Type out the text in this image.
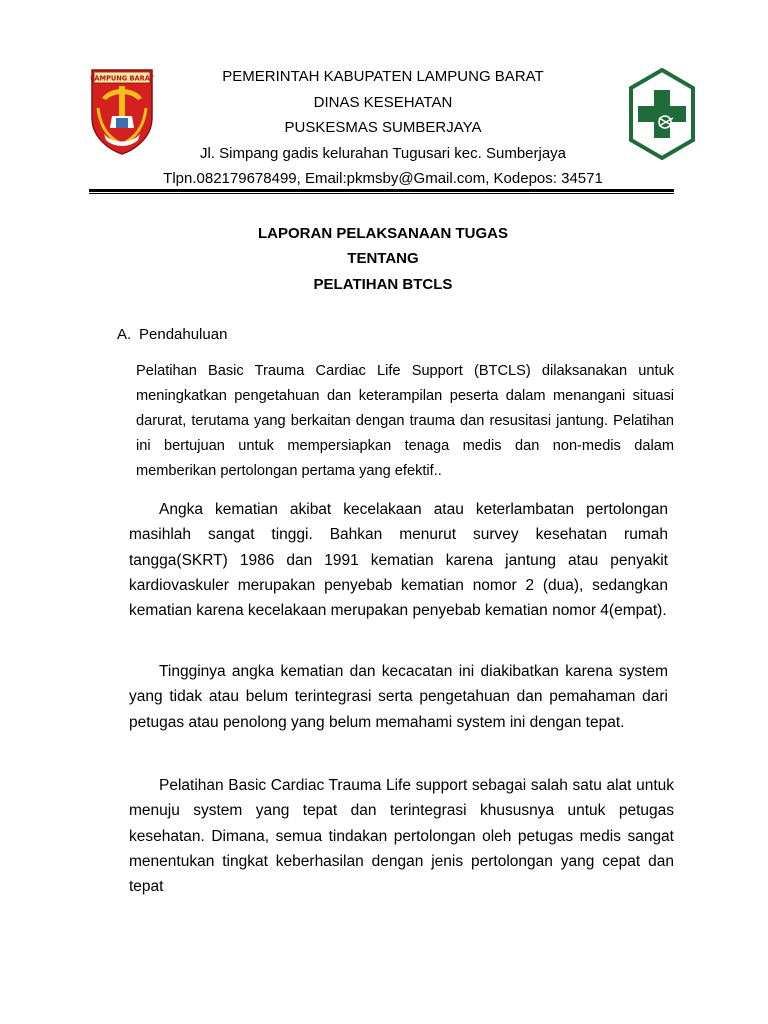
LAMPUNG BARAT	PEMERINTAH KABUPATEN LAMPUNG BARAT
DINAS KESEHATAN
PUSKESMAS SUMBERJAYA
Jl. Simpang gadis kelurahan Tugusari kec. Sumberjaya
Tlpn.082179678499, Email:pkmsby@Gmail.com, Kodepos: 34571
LAPORAN PELAKSANAAN TUGAS
TENTANG
PELATIHAN BTCLS
A. Pendahuluan

Pelatihan Basic Trauma Cardiac Life Support (BTCLS) dilaksanakan untuk meningkatkan pengetahuan dan keterampilan peserta dalam menangani situasi darurat, terutama yang berkaitan dengan trauma dan resusitasi jantung. Pelatihan ini bertujuan untuk mempersiapkan tenaga medis dan non-medis dalam memberikan pertolongan pertama yang efektif..

Angka kematian akibat kecelakaan atau keterlambatan pertolongan masihlah sangat tinggi. Bahkan menurut survey kesehatan rumah tangga(SKRT) 1986 dan 1991 kematian karena jantung atau penyakit kardiovaskuler merupakan penyebab kematian nomor 2 (dua), sedangkan kematian karena kecelakaan merupakan penyebab kematian nomor 4(empat).

Tingginya angka kematian dan kecacatan ini diakibatkan karena system yang tidak atau belum terintegrasi serta pengetahuan dan pemahaman dari petugas atau penolong yang belum memahami system ini dengan tepat.

Pelatihan Basic Cardiac Trauma Life support sebagai salah satu alat untuk menuju system yang tepat dan terintegrasi khususnya untuk petugas kesehatan. Dimana, semua tindakan pertolongan oleh petugas medis sangat menentukan tingkat keberhasilan dengan jenis pertolongan yang cepat dan tepat
